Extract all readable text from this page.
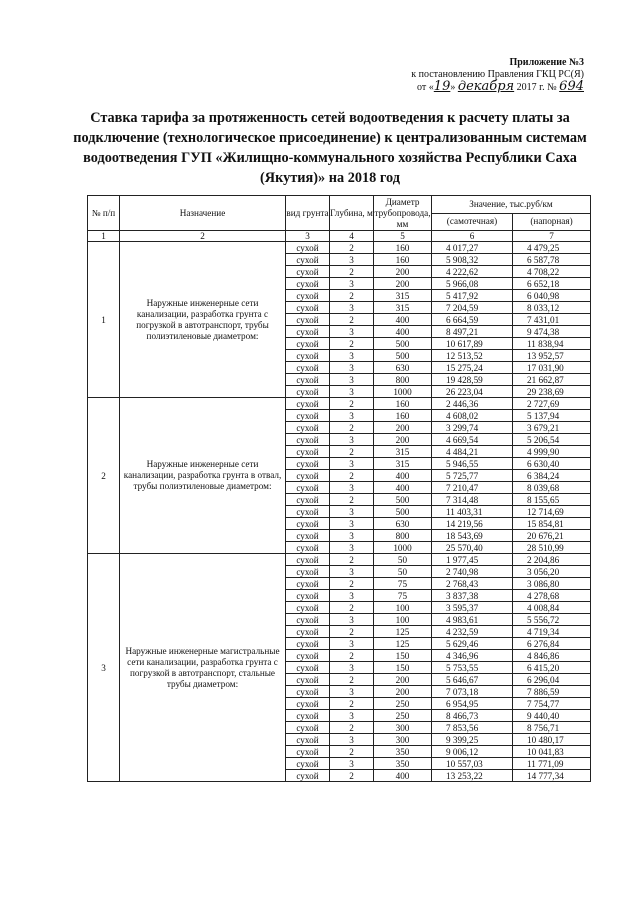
Приложение №3
к постановлению Правления ГКЦ РС(Я)
от «19» декабря 2017 г. № 694
Ставка тарифа за протяженность сетей водоотведения к расчету платы за подключение (технологическое присоединение) к централизованным системам водоотведения ГУП «Жилищно-коммунального хозяйства Республики Саха (Якутия)» на 2018 год
№ п/п	Назначение	вид грунта	Глубина, м	Диаметр трубопровода, мм	Значение, тыс.руб/км	
					(самотечная)	(напорная)
1	2	3	4	5	6	7
1	Наружные инженерные сети канализации, разработка грунта с погрузкой в автотранспорт, трубы полиэтиленовые диаметром:	сухой	2	160	4 017,27	4 479,25
		сухой	3	160	5 908,32	6 587,78
		сухой	2	200	4 222,62	4 708,22
		сухой	3	200	5 966,08	6 652,18
		сухой	2	315	5 417,92	6 040,98
		сухой	3	315	7 204,59	8 033,12
		сухой	2	400	6 664,59	7 431,01
		сухой	3	400	8 497,21	9 474,38
		сухой	2	500	10 617,89	11 838,94
		сухой	3	500	12 513,52	13 952,57
		сухой	3	630	15 275,24	17 031,90
		сухой	3	800	19 428,59	21 662,87
		сухой	3	1000	26 223,04	29 238,69
2	Наружные инженерные сети канализации, разработка грунта в отвал, трубы полиэтиленовые диаметром:	сухой	2	160	2 446,36	2 727,69
		сухой	3	160	4 608,02	5 137,94
		сухой	2	200	3 299,74	3 679,21
		сухой	3	200	4 669,54	5 206,54
		сухой	2	315	4 484,21	4 999,90
		сухой	3	315	5 946,55	6 630,40
		сухой	2	400	5 725,77	6 384,24
		сухой	3	400	7 210,47	8 039,68
		сухой	2	500	7 314,48	8 155,65
		сухой	3	500	11 403,31	12 714,69
		сухой	3	630	14 219,56	15 854,81
		сухой	3	800	18 543,69	20 676,21
		сухой	3	1000	25 570,40	28 510,99
3	Наружные инженерные магистральные сети канализации, разработка грунта с погрузкой в автотранспорт, стальные трубы диаметром:	сухой	2	50	1 977,45	2 204,86
		сухой	3	50	2 740,98	3 056,20
		сухой	2	75	2 768,43	3 086,80
		сухой	3	75	3 837,38	4 278,68
		сухой	2	100	3 595,37	4 008,84
		сухой	3	100	4 983,61	5 556,72
		сухой	2	125	4 232,59	4 719,34
		сухой	3	125	5 629,46	6 276,84
		сухой	2	150	4 346,96	4 846,86
		сухой	3	150	5 753,55	6 415,20
		сухой	2	200	5 646,67	6 296,04
		сухой	3	200	7 073,18	7 886,59
		сухой	2	250	6 954,95	7 754,77
		сухой	3	250	8 466,73	9 440,40
		сухой	2	300	7 853,56	8 756,71
		сухой	3	300	9 399,25	10 480,17
		сухой	2	350	9 006,12	10 041,83
		сухой	3	350	10 557,03	11 771,09
		сухой	2	400	13 253,22	14 777,34
